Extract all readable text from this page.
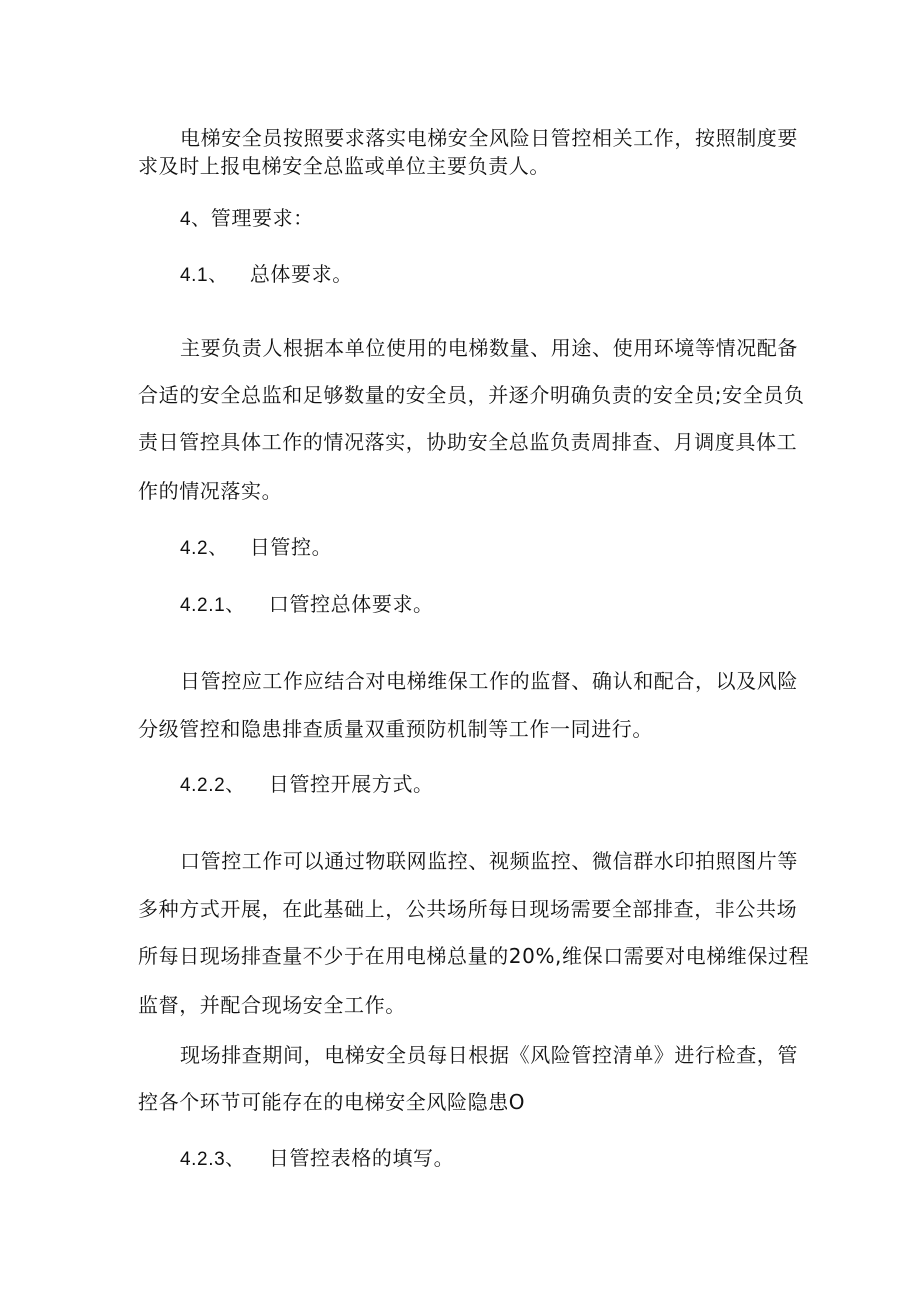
电梯安全员按照要求落实电梯安全风险日管控相关工作，按照制度要
求及时上报电梯安全总监或单位主要负责人。
4、管理要求：
4.1、 总体要求。
主要负责人根据本单位使用的电梯数量、用途、使用环境等情况配备
合适的安全总监和足够数量的安全员，并逐介明确负责的安全员;安全员负
责日管控具体工作的情况落实，协助安全总监负责周排查、月调度具体工
作的情况落实。
4.2、 日管控。
4.2.1、 口管控总体要求。
日管控应工作应结合对电梯维保工作的监督、确认和配合，以及风险
分级管控和隐患排查质量双重预防机制等工作一同进行。
4.2.2、 日管控开展方式。
口管控工作可以通过物联网监控、视频监控、微信群水印拍照图片等
多种方式开展，在此基础上，公共场所每日现场需要全部排查，非公共场
所每日现场排查量不少于在用电梯总量的20%,维保口需要对电梯维保过程
监督，并配合现场安全工作。
现场排查期间，电梯安全员每日根据《风险管控清单》进行检查，管
控各个环节可能存在的电梯安全风险隐患O
4.2.3、 日管控表格的填写。
